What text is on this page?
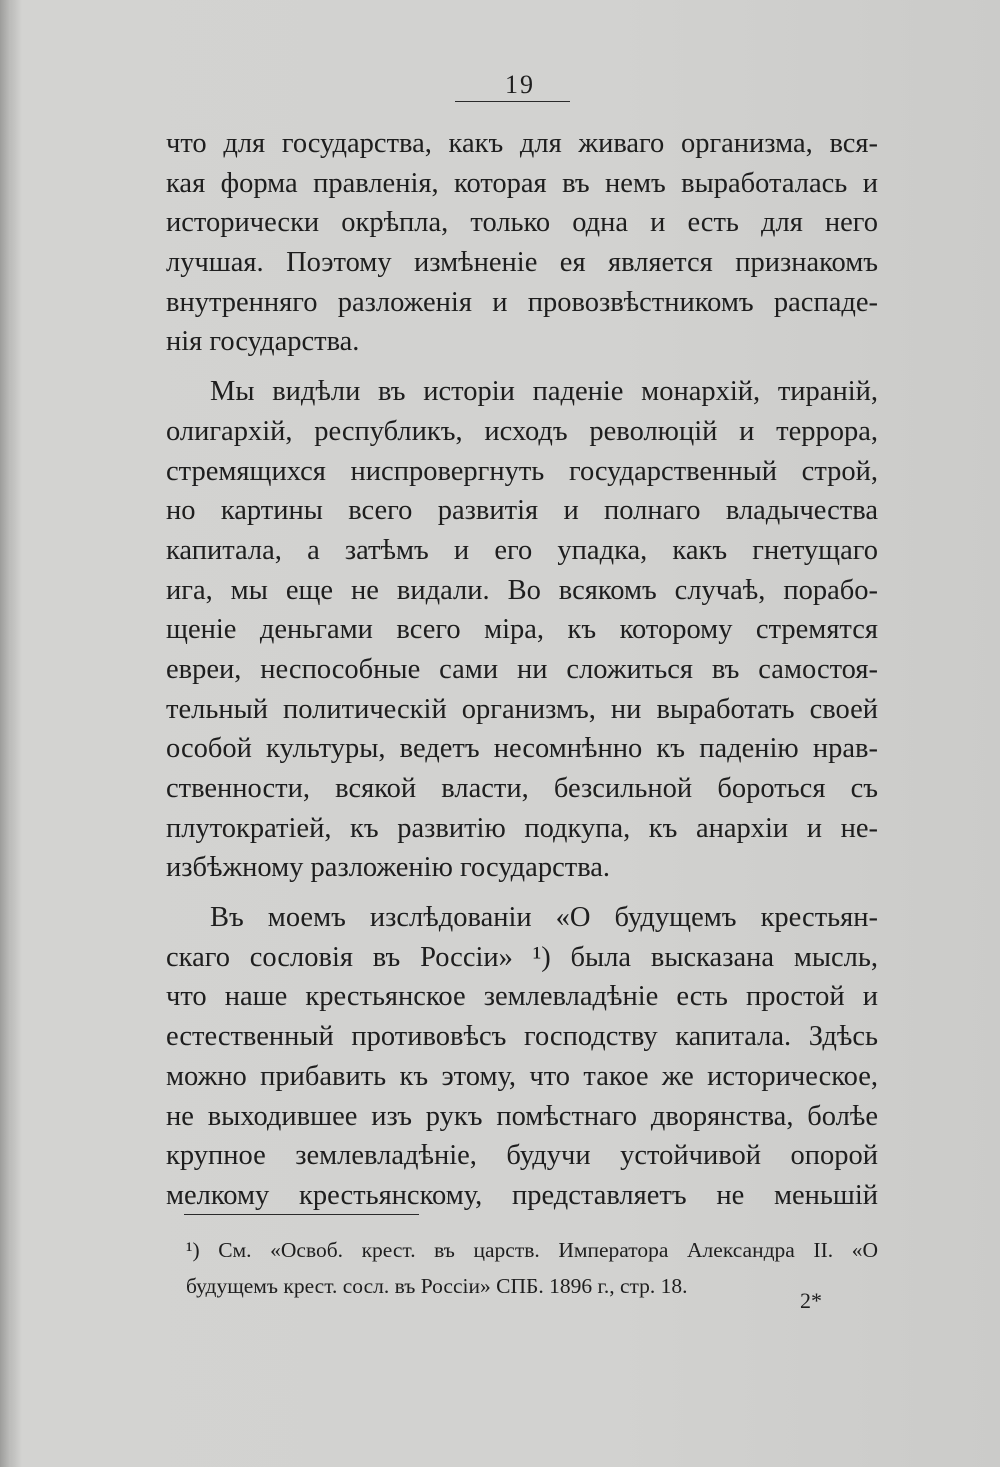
19
что для государства, какъ для живаго организма, вся-
кая форма правленія, которая въ немъ выработалась и
исторически окрѣпла, только одна и есть для него
лучшая. Поэтому измѣненіе ея является признакомъ
внутренняго разложенія и провозвѣстникомъ распаде-
нія государства.
Мы видѣли въ исторіи паденіе монархій, тираній,
олигархій, республикъ, исходъ революцій и террора,
стремящихся ниспровергнуть государственный строй,
но картины всего развитія и полнаго владычества
капитала, а затѣмъ и его упадка, какъ гнетущаго
ига, мы еще не видали. Во всякомъ случаѣ, порабо-
щеніе деньгами всего міра, къ которому стремятся
евреи, неспособные сами ни сложиться въ самостоя-
тельный политическій организмъ, ни выработать своей
особой культуры, ведетъ несомнѣнно къ паденію нрав-
ственности, всякой власти, безсильной бороться съ
плутократіей, къ развитію подкупа, къ анархіи и не-
избѣжному разложенію государства.
Въ моемъ изслѣдованіи «О будущемъ крестьян-
скаго сословія въ Россіи» ¹) была высказана мысль,
что наше крестьянское землевладѣніе есть простой и
естественный противовѣсъ господству капитала. Здѣсь
можно прибавить къ этому, что такое же историческое,
не выходившее изъ рукъ помѣстнаго дворянства, болѣе
крупное землевладѣніе, будучи устойчивой опорой
мелкому крестьянскому, представляетъ не меньшій
¹) См. «Освоб. крест. въ царств. Императора Александра II. «О
будущемъ крест. сосл. въ Россіи» СПБ. 1896 г., стр. 18.
2*
